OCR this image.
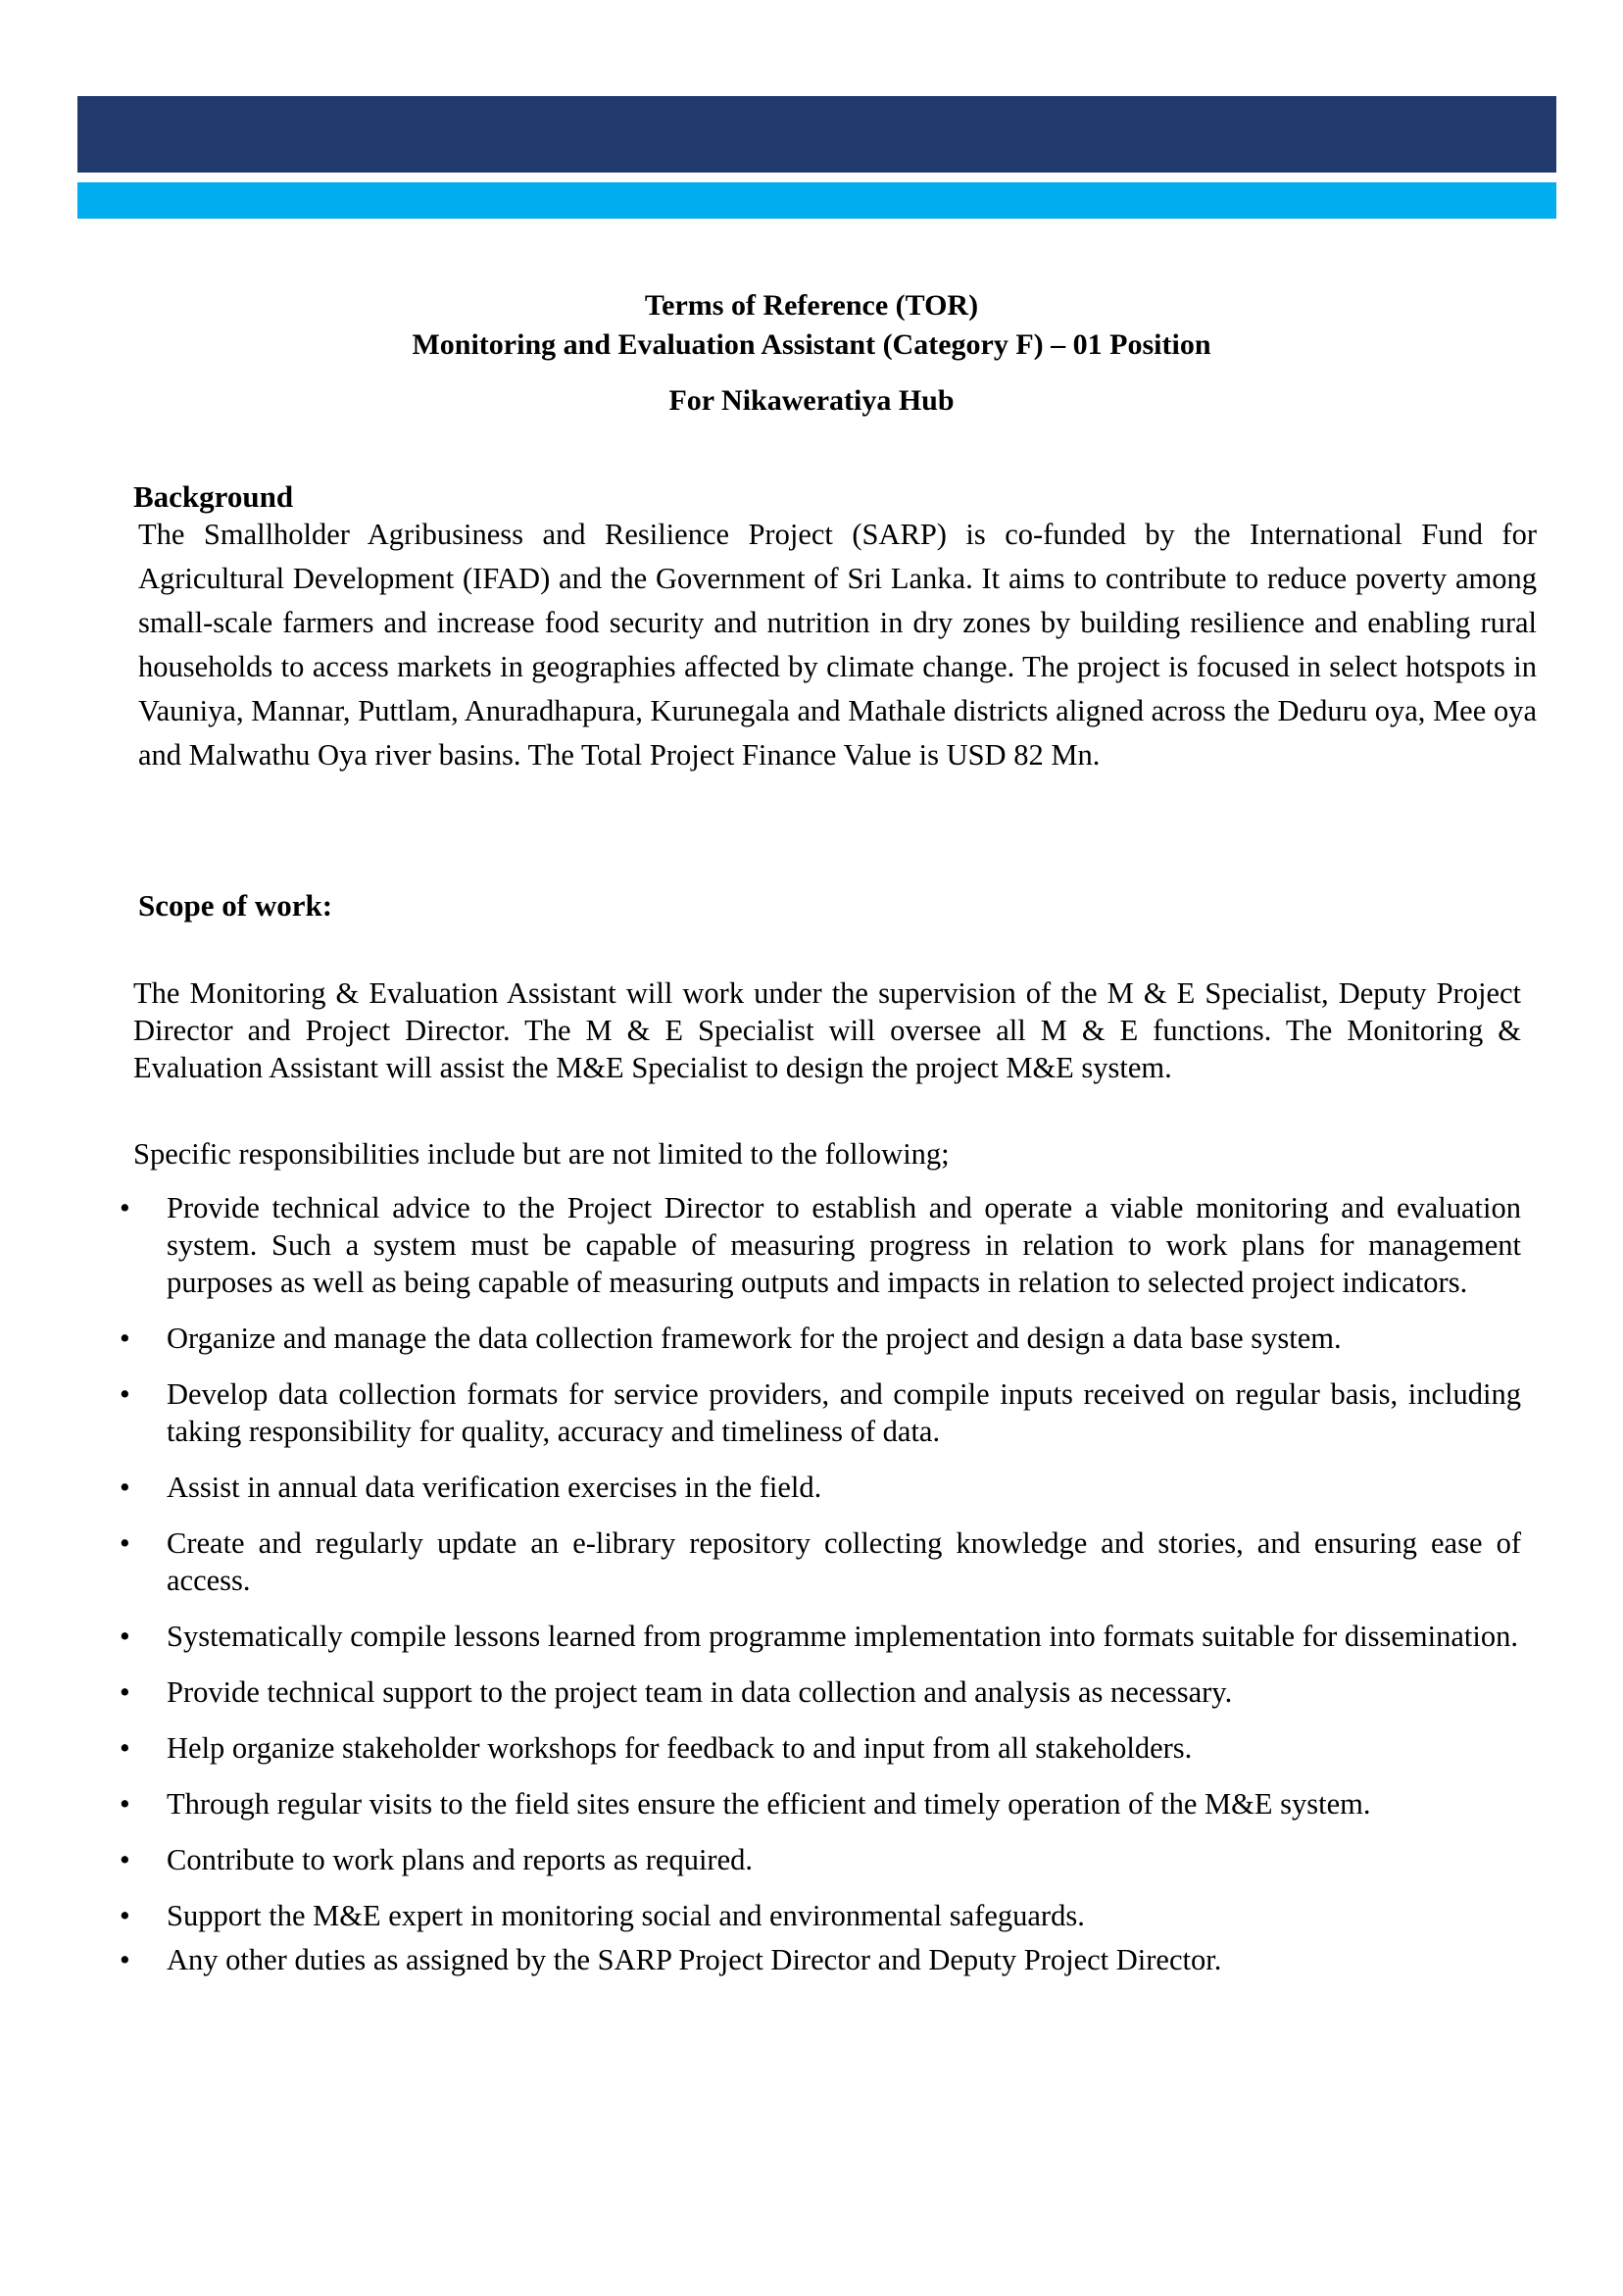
Terms of Reference (TOR)
Monitoring and Evaluation Assistant (Category F) – 01 Position
For Nikaweratiya Hub
Background
The Smallholder Agribusiness and Resilience Project (SARP) is co-funded by the International Fund for Agricultural Development (IFAD) and the Government of Sri Lanka. It aims to contribute to reduce poverty among small-scale farmers and increase food security and nutrition in dry zones by building resilience and enabling rural households to access markets in geographies affected by climate change. The project is focused in select hotspots in Vauniya, Mannar, Puttlam, Anuradhapura, Kurunegala and Mathale districts aligned across the Deduru oya, Mee oya and Malwathu Oya river basins. The Total Project Finance Value is USD 82 Mn.
Scope of work:
The Monitoring & Evaluation Assistant will work under the supervision of the M & E Specialist, Deputy Project Director and Project Director. The M & E Specialist will oversee all M & E functions. The Monitoring & Evaluation Assistant will assist the M&E Specialist to design the project M&E system.
Specific responsibilities include but are not limited to the following;
• Provide technical advice to the Project Director to establish and operate a viable monitoring and evaluation system. Such a system must be capable of measuring progress in relation to work plans for management purposes as well as being capable of measuring outputs and impacts in relation to selected project indicators.
• Organize and manage the data collection framework for the project and design a data base system.
• Develop data collection formats for service providers, and compile inputs received on regular basis, including taking responsibility for quality, accuracy and timeliness of data.
• Assist in annual data verification exercises in the field.
• Create and regularly update an e-library repository collecting knowledge and stories, and ensuring ease of access.
• Systematically compile lessons learned from programme implementation into formats suitable for dissemination.
• Provide technical support to the project team in data collection and analysis as necessary.
• Help organize stakeholder workshops for feedback to and input from all stakeholders.
• Through regular visits to the field sites ensure the efficient and timely operation of the M&E system.
• Contribute to work plans and reports as required.
• Support the M&E expert in monitoring social and environmental safeguards.
• Any other duties as assigned by the SARP Project Director and Deputy Project Director.
